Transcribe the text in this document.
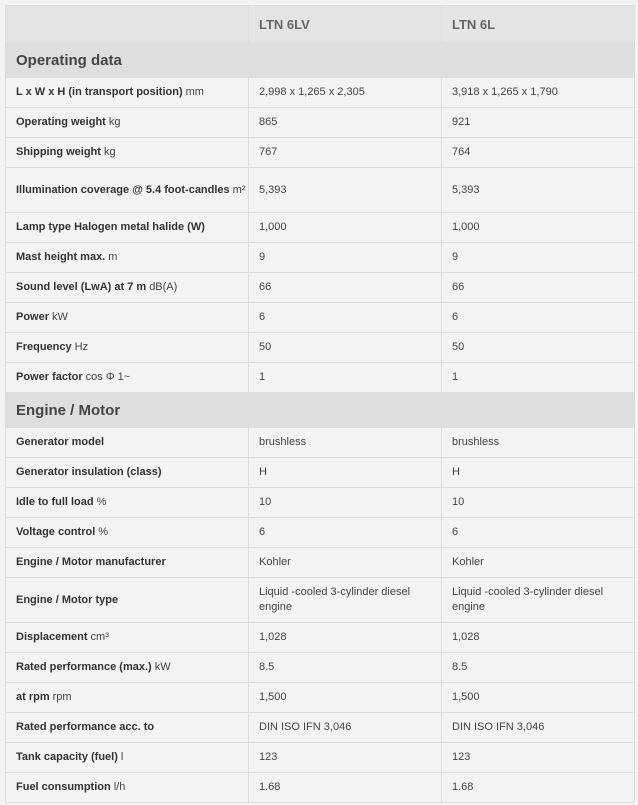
	LTN 6LV	LTN 6L
Operating data		
L x W x H (in transport position) mm	2,998 x 1,265 x 2,305	3,918 x 1,265 x 1,790
Operating weight kg	865	921
Shipping weight kg	767	764
Illumination coverage @ 5.4 foot-candles m²	5,393	5,393
Lamp type Halogen metal halide (W)	1,000	1,000
Mast height max. m	9	9
Sound level (LwA) at 7 m dB(A)	66	66
Power kW	6	6
Frequency Hz	50	50
Power factor cos Φ 1~	1	1
Engine / Motor		
Generator model	brushless	brushless
Generator insulation (class)	H	H
Idle to full load %	10	10
Voltage control %	6	6
Engine / Motor manufacturer	Kohler	Kohler
Engine / Motor type	Liquid -cooled 3-cylinder diesel engine	Liquid -cooled 3-cylinder diesel engine
Displacement cm³	1,028	1,028
Rated performance (max.) kW	8.5	8.5
at rpm rpm	1,500	1,500
Rated performance acc. to	DIN ISO IFN 3,046	DIN ISO IFN 3,046
Tank capacity (fuel) l	123	123
Fuel consumption l/h	1.68	1.68
